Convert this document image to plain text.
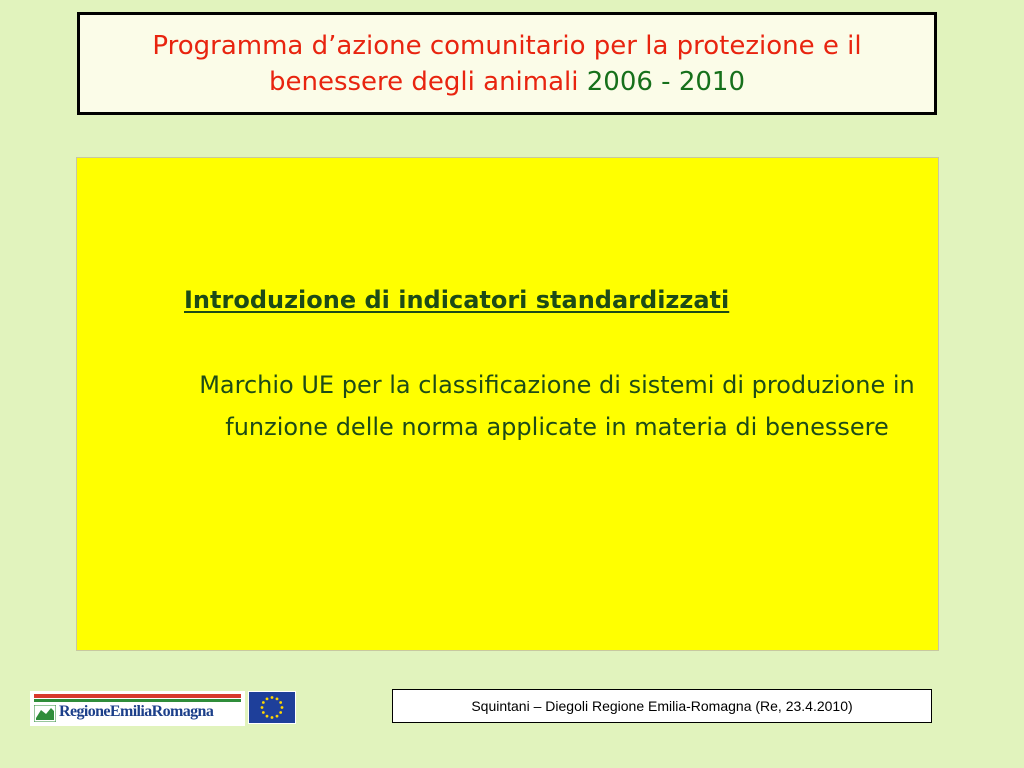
Programma d’azione comunitario per la protezione e il benessere degli animali 2006 - 2010
Introduzione di indicatori standardizzati
Marchio UE per la classificazione di sistemi di produzione in funzione delle norma applicate in materia di benessere
RegioneEmiliaRomagna	Squintani – Diegoli Regione Emilia-Romagna (Re, 23.4.2010)
